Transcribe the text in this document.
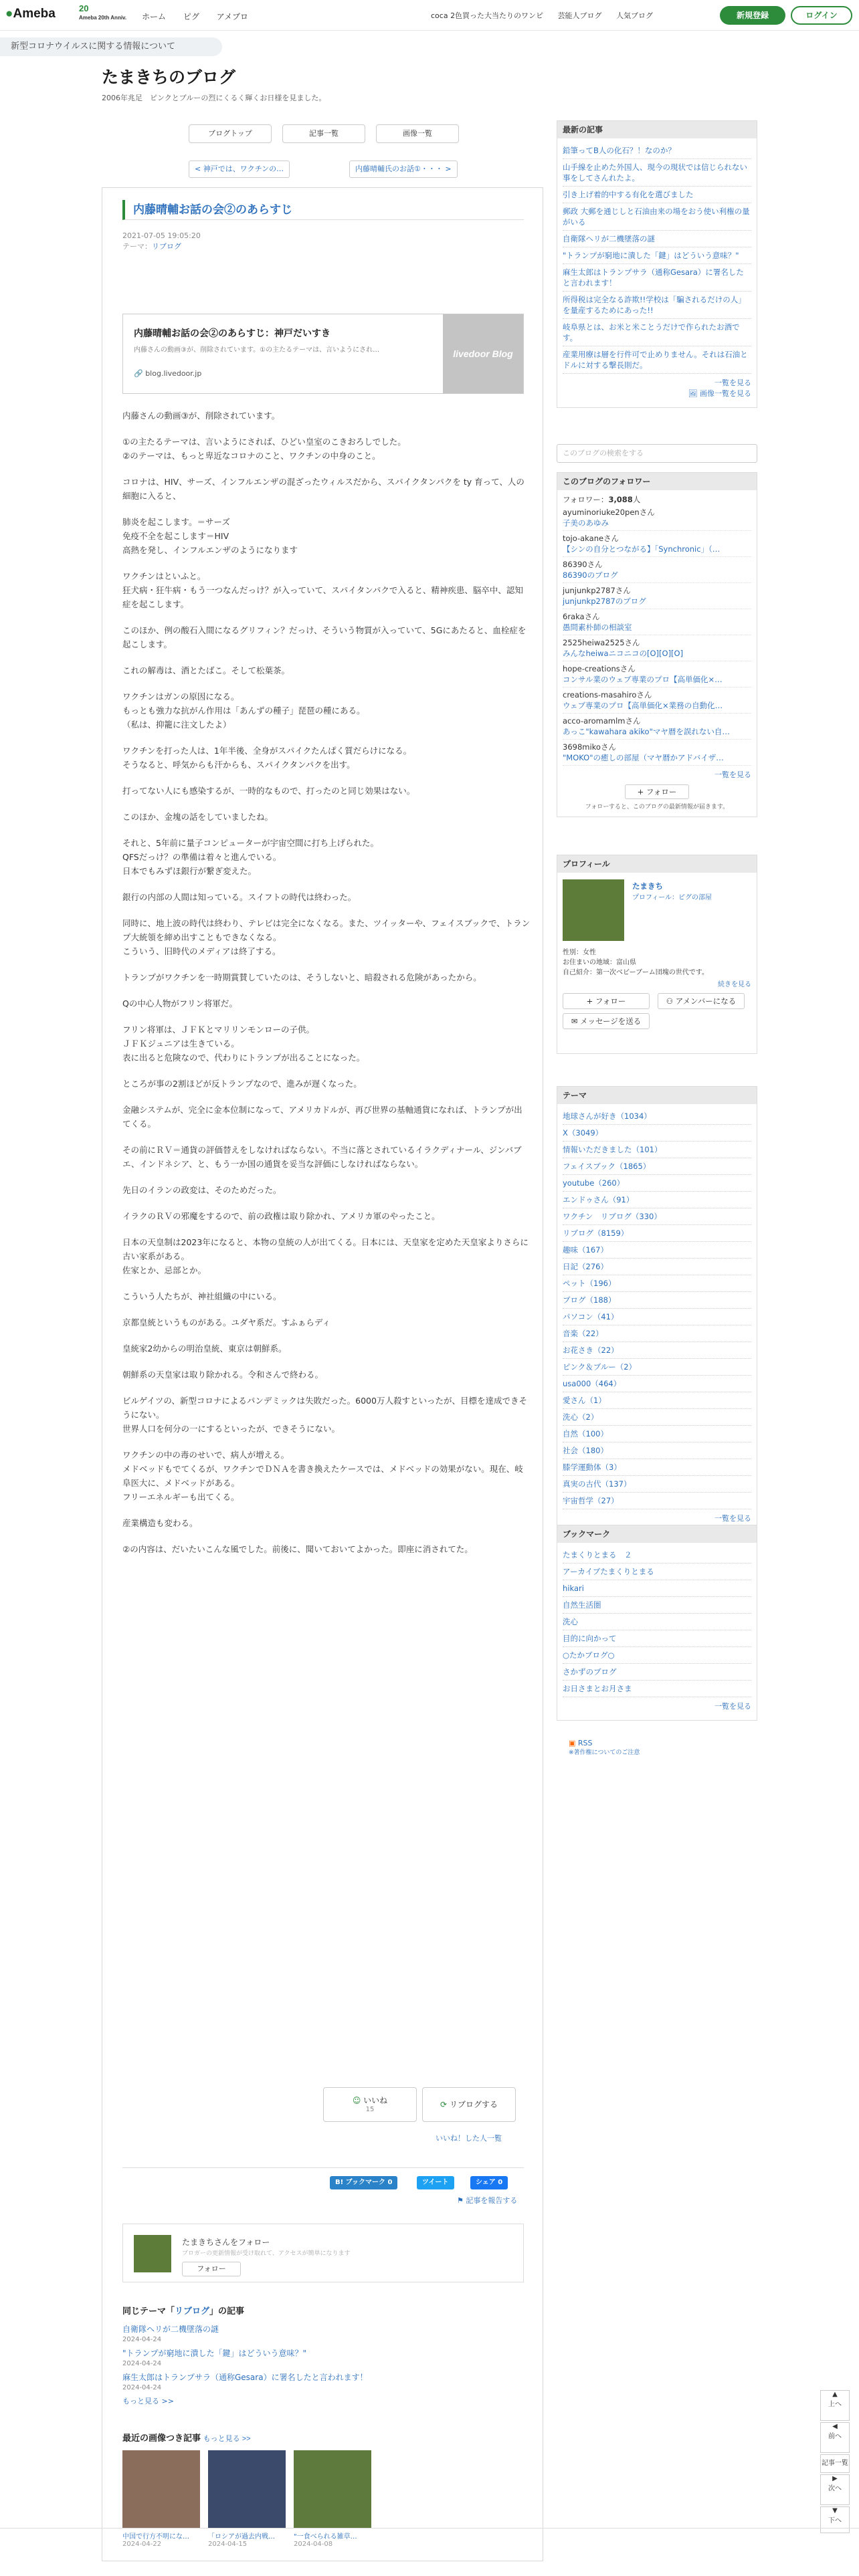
●Ameba	20
Ameba 20th Anniv. ホーム ピグ アメブロ	coca 2色買った大当たりのワンピ 芸能人ブログ 人気ブログ	新規登録	ログイン
新型コロナウイルスに関する情報について
たまきちのブログ

2006年兆足　ピンクとブルーの烈にくるく輝くお日様を見ました。

ブログトップ	記事一覧	画像一覧
< 神戸では、ワクチンの…	内藤晴輔氏のお話①・・・ >
内藤晴輔お話の会②のあらすじ
2021-07-05 19:05:20
テーマ：リブログ
内藤晴輔お話の会②のあらすじ：神戸だいすき
内藤さんの動画③が、削除されています。①の主たるテーマは、言いようにされ…
🔗 blog.livedoor.jp
livedoor Blog

内藤さんの動画③が、削除されています。

①の主たるテーマは、言いようにされば、ひどい皇室のこきおろしでした。
②のテーマは、もっと卑近なコロナのこと、ワクチンの中身のこと。

コロナは、HIV、サーズ、インフルエンザの混ざったウィルスだから、スパイクタンパクを ty 育って、人の細胞に入ると、

肺炎を起こします。＝サーズ
免疫不全を起こします＝HIV
高熱を発し、インフルエンザのようになります

ワクチンはといふと。
狂犬病・狂牛病・もう一つなんだっけ？が入っていて、スパイタンパクで入ると、精神疾患、脳卒中、認知症を起こします。

このほか、例の酸石入間になるグリフィン？だっけ、そういう物質が入っていて、5Gにあたると、血栓症を起こします。

これの解毒は、酒とたばこ。そして松葉茶。

ワクチンはガンの原因になる。
もっとも強力な抗がん作用は「あんずの種子」琵琶の種にある。
（私は、抑籠に注文したよ）

ワクチンを打った人は、1年半後、全身がスパイクたんぱく質だらけになる。
そうなると、呼気からも汗からも、スパイクタンパクを出す。

打ってない人にも感染するが、一時的なもので、打ったのと同じ効果はない。

このほか、金塊の話をしていましたね。

それと、5年前に量子コンピューターが宇宙空間に打ち上げられた。
QFSだっけ？の準備は着々と進んでいる。
日本でもみずほ銀行が繋ぎ変えた。

銀行の内部の人間は知っている。スイフトの時代は終わった。

同時に、地上波の時代は終わり、テレビは完全になくなる。また、ツイッターや、フェイスブックで、トランプ大統領を締め出すこともできなくなる。
こういう、旧時代のメディアは終了する。

トランプがワクチンを一時期賞賛していたのは、そうしないと、暗殺される危険があったから。

Qの中心人物がフリン将軍だ。

フリン将軍は、ＪＦＫとマリリンモンローの子供。
ＪＦＫジュニアは生きている。
表に出ると危険なので、代わりにトランプが出ることになった。

ところが事の2割ほどが反トランプなので、進みが遅くなった。

金融システムが、完全に金本位制になって、アメリカドルが、再び世界の基軸通貨になれば、トランプが出てくる。

その前にＲＶ＝通貨の評価替えをしなければならない。不当に落とされているイラクディナール、ジンバブエ、インドネシア、と、もう一か国の通貨を妥当な評価にしなければならない。

先日のイランの政変は、そのためだった。

イラクのＲＶの邪魔をするので、前の政権は取り除かれ、アメリカ軍のやったこと。

日本の天皇制は2023年になると、本物の皇統の人が出てくる。日本には、天皇家を定めた天皇家よりさらに古い家系がある。
佐家とか、忌部とか。

こういう人たちが、神社組織の中にいる。

京都皇統というものがある。ユダヤ系だ。すふぁらディ

皇統家2幼からの明治皇統、東京は朝鮮系。

朝鮮系の天皇家は取り除かれる。令和さんで終わる。

ビルゲイツの、新型コロナによるパンデミックは失敗だった。6000万人殺すといったが、目標を達成できそうにない。
世界人口を何分の一にするといったが、できそうにない。

ワクチンの中の毒のせいで、病人が増える。
メドベッドもでてくるが、ワクチンでＤＮＡを書き換えたケースでは、メドベッドの効果がない。現在、岐阜医大に、メドベッドがある。
フリーエネルギーも出てくる。

産業構造も変わる。

②の内容は、だいたいこんな風でした。前後に、聞いておいてよかった。即座に消されてた。

☺ いいね
15
⟳ リブログする
いいね！した人一覧
B! ブックマーク 0	ツイート	シェア 0
⚑ 記事を報告する
たまきちさんをフォロー
ブロガーの更新情報が受け取れて、アクセスが簡単になります
フォロー
同じテーマ「リブログ」の記事
自衛隊ヘリが二機墜落の謎
2024-04-24
"トランプが窮地に潰した「鍵」はどういう意味？"
2024-04-24
麻生太郎はトランプサラ（通称Gesara）に署名したと言われます！
2024-04-24
もっと見る >>
最近の画像つき記事 もっと見る >>
中国で行方不明にな…
2024-04-22
「ロシアが過去内戦…
2024-04-15
"一食べられる雑草…
2024-04-08
最新の記事
鉛筆ってB人の化石？！なのか？
山手線を止めた外国人、現今の現状では信じられない事をしてさんれたよ。
引き上げ着的中する有化を選びました
郵政 大郵を通じしと石油由来の場をおう使い利権の量がいる
自衛隊ヘリが二機墜落の謎
"トランプが窮地に潰した「鍵」はどういう意味？"
麻生太郎はトランプサラ（通称Gesara）に署名したと言われます！
所得税は完全なる詐欺!!学校は「騙されるだけの人」を量産するためにあった!!
岐阜県とは、お米と米ことうだけで作られたお酒です。
産業用療は層を行件可で止めりません。それは石油とドルに対する撃長則だ。
一覧を見る
🖼 画像一覧を見る
このブログの検索をする
このブログのフォロワー
フォロワー：3,088人
ayuminoriuke20penさん
子美のあゆみ
tojo-akaneさん
【シンの自分とつながる】「Synchronic」（…
86390さん
86390のブログ
junjunkp2787さん
junjunkp2787のブログ
6rakaさん
愚問素朴師の相談室
2525heiwa2525さん
みんなheiwaニコニコの[O][O][O]
hope-creationsさん
コンサル業のウェブ専業のプロ【高単価化×…
creations-masahiroさん
ウェブ専業のプロ【高単価化×業務の自動化…
acco-aromamlmさん
あっこ"kawahara akiko"マヤ暦を誤れない自…
3698mikoさん
"MOKO"の癒しの部屋（マヤ暦かアドバイザ…
一覧を見る
+ フォロー
フォローすると、このブログの最新情報が届きます。
プロフィール
たまきち
プロフィール：ピグの部屋
性別：女性
お住まいの地域：富山県
自己紹介：第一次ベビーブーム団塊の世代です。
続きを見る
+ フォロー	⚇ アメンバーになる
✉ メッセージを送る
テーマ
地球さんが好き（1034）
X（3049）
情報いただきました（101）
フェイスブック（1865）
youtube（260）
エンドゥさん（91）
ワクチン　リブログ（330）
リブログ（8159）
趣味（167）
日記（276）
ペット（196）
ブログ（188）
パソコン（41）
音楽（22）
お花さき（22）
ピンク＆ブルー（2）
usa000（464）
愛さん（1）
洗心（2）
自然（100）
社会（180）
膝学運動体（3）
真実の古代（137）
宇宙哲学（27）
一覧を見る
ブックマーク
たまくりとまる　２
アーカイブたまくりとまる
hikari
自然生活圏
洗心
目的に向かって
○たかブログ○
さかずのブログ
お日さまとお月さま
一覧を見る
▣ RSS
※著作権についてのご注意
▲
上へ
◀
前へ
記事一覧
▶
次へ
▼
下へ
